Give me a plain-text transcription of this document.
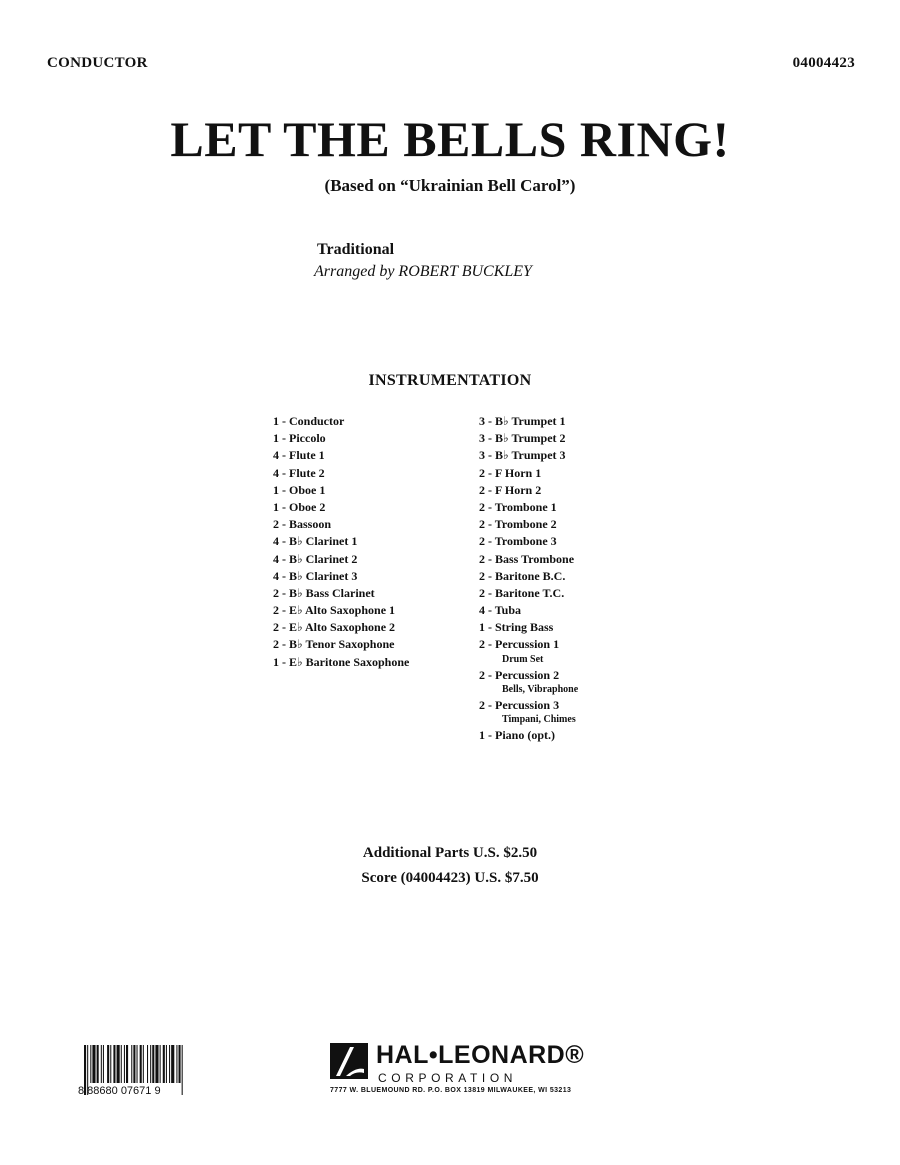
CONDUCTOR	04004423
LET THE BELLS RING!
(Based on “Ukrainian Bell Carol”)
Traditional
Arranged by ROBERT BUCKLEY
INSTRUMENTATION
1 - Conductor
1 - Piccolo
4 - Flute 1
4 - Flute 2
1 - Oboe 1
1 - Oboe 2
2 - Bassoon
4 - B♭ Clarinet 1
4 - B♭ Clarinet 2
4 - B♭ Clarinet 3
2 - B♭ Bass Clarinet
2 - E♭ Alto Saxophone 1
2 - E♭ Alto Saxophone 2
2 - B♭ Tenor Saxophone
1 - E♭ Baritone Saxophone
3 - B♭ Trumpet 1
3 - B♭ Trumpet 2
3 - B♭ Trumpet 3
2 - F Horn 1
2 - F Horn 2
2 - Trombone 1
2 - Trombone 2
2 - Trombone 3
2 - Bass Trombone
2 - Baritone B.C.
2 - Baritone T.C.
4 - Tuba
1 - String Bass
2 - Percussion 1
Drum Set
2 - Percussion 2
Bells, Vibraphone
2 - Percussion 3
Timpani, Chimes
1 - Piano (opt.)
Additional Parts U.S. $2.50
Score (04004423) U.S. $7.50
8 88680 07671 9
HAL•LEONARD®
CORPORATION
7777 W. BLUEMOUND RD. P.O. BOX 13819 MILWAUKEE, WI 53213
